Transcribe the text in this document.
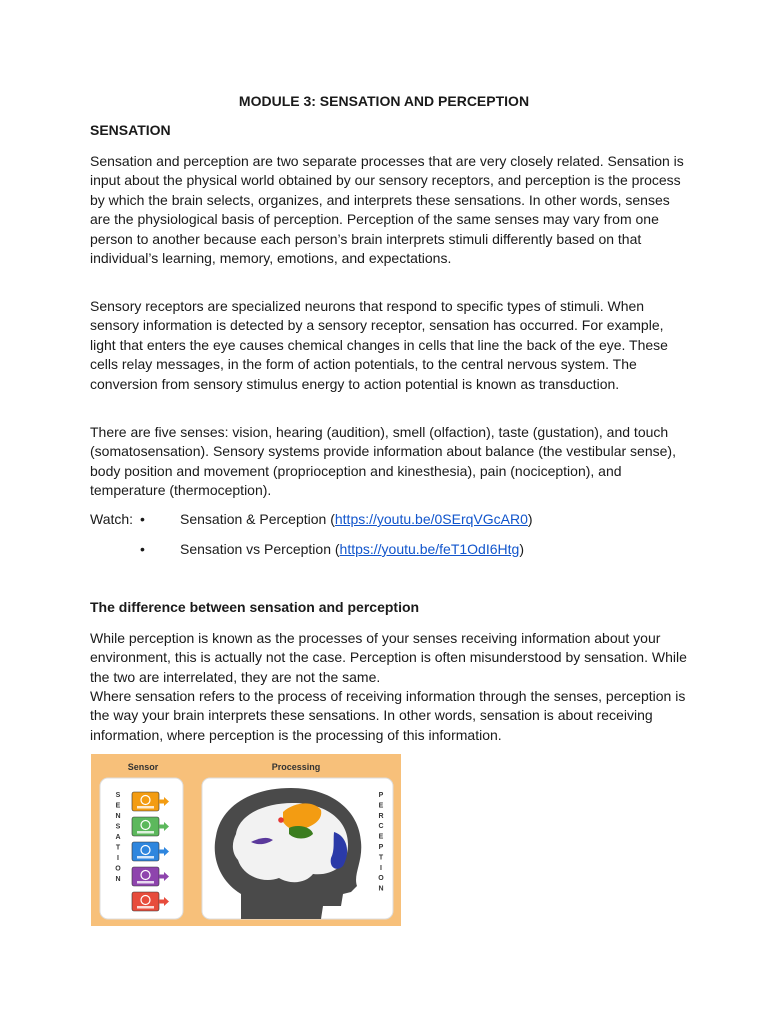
MODULE 3: SENSATION AND PERCEPTION
SENSATION

Sensation and perception are two separate processes that are very closely related. Sensation is input about the physical world obtained by our sensory receptors, and perception is the process by which the brain selects, organizes, and interprets these sensations. In other words, senses are the physiological basis of perception. Perception of the same senses may vary from one person to another because each person’s brain interprets stimuli differently based on that individual’s learning, memory, emotions, and expectations.

Sensory receptors are specialized neurons that respond to specific types of stimuli. When sensory information is detected by a sensory receptor, sensation has occurred. For example, light that enters the eye causes chemical changes in cells that line the back of the eye. These cells relay messages, in the form of action potentials, to the central nervous system. The conversion from sensory stimulus energy to action potential is known as transduction.

There are five senses: vision, hearing (audition), smell (olfaction), taste (gustation), and touch (somatosensation). Sensory systems provide information about balance (the vestibular sense), body position and movement (proprioception and kinesthesia), pain (nociception), and temperature (thermoception).

Watch: •	Sensation & Perception (https://youtu.be/0SErqVGcAR0)
•	Sensation vs Perception (https://youtu.be/feT1OdI6Htg)
The difference between sensation and perception

While perception is known as the processes of your senses receiving information about your environment, this is actually not the case. Perception is often misunderstood by sensation. While the two are interrelated, they are not the same.

Where sensation refers to the process of receiving information through the senses, perception is the way your brain interprets these sensations. In other words, sensation is about receiving information, where perception is the processing of this information.

Sensor	Processing
S
E
N
S
A
T
I
O
N
P
E
R
C
E
P
T
I
O
N
